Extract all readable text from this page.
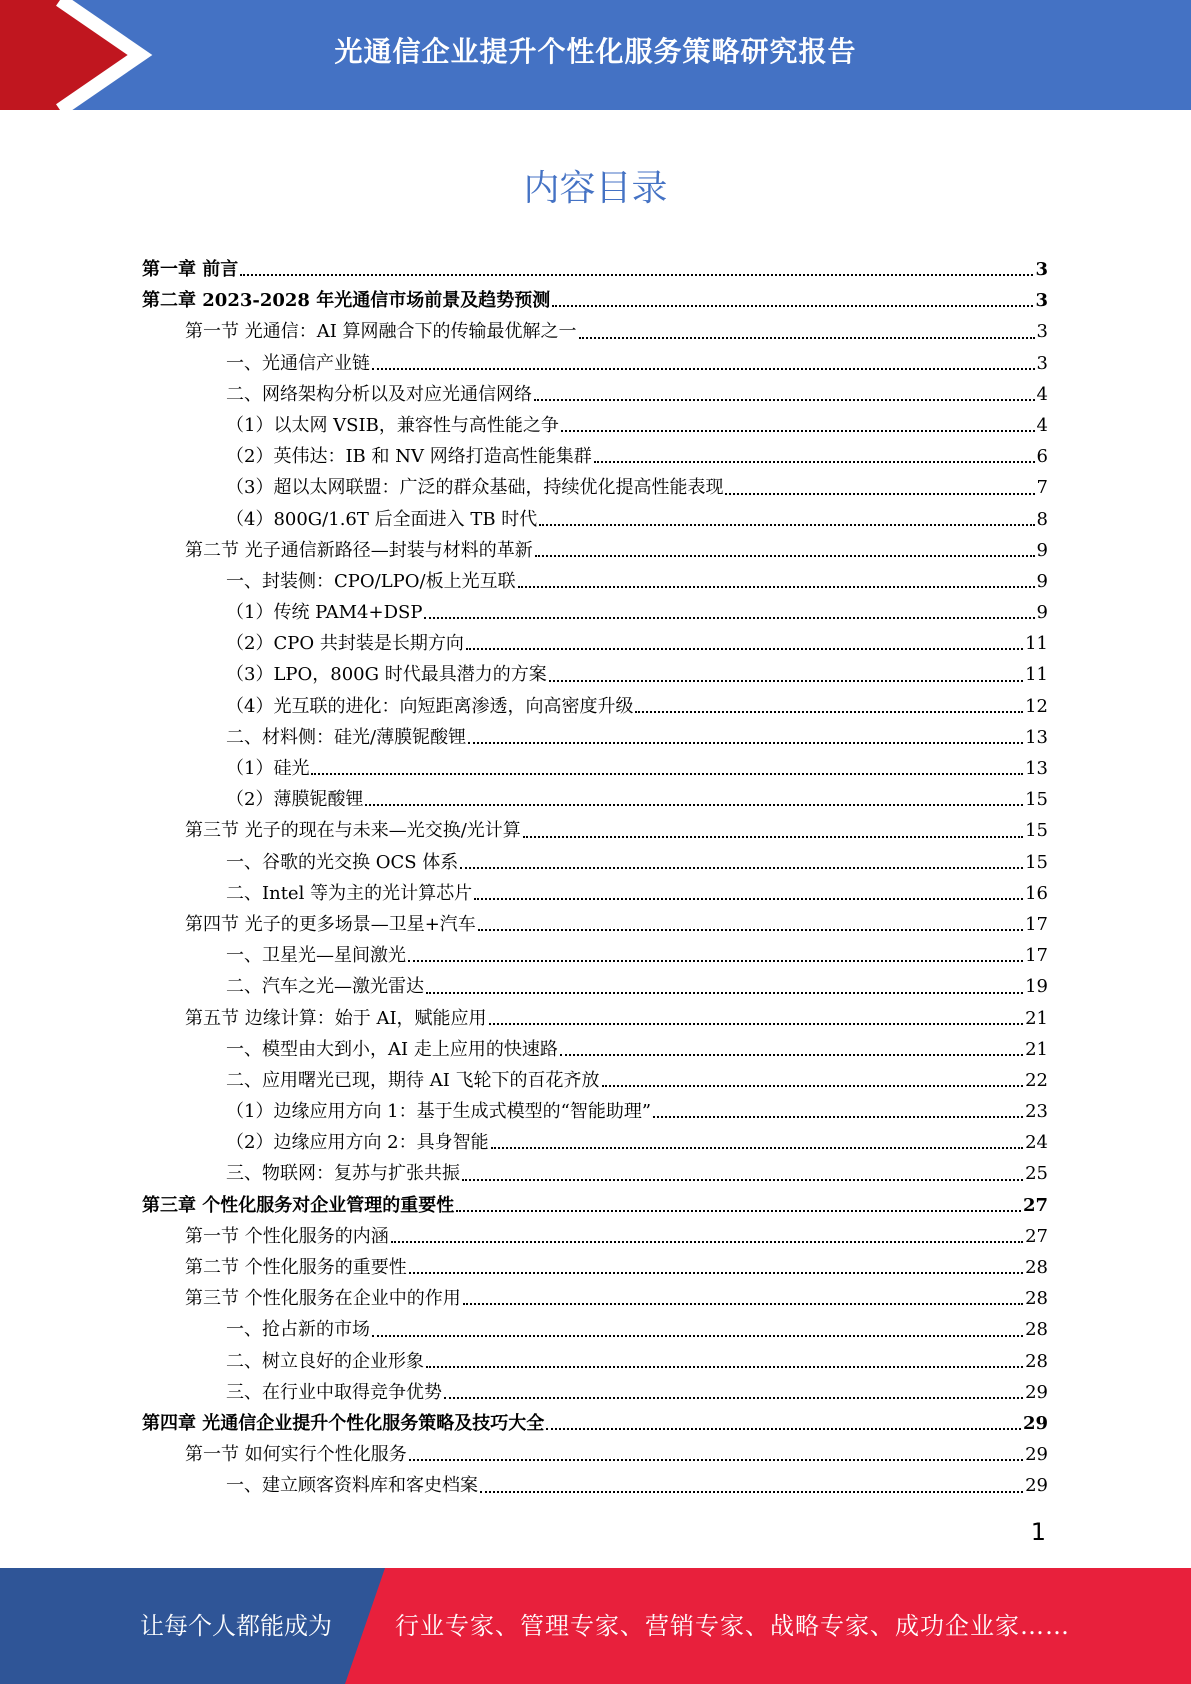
光通信企业提升个性化服务策略研究报告
内容目录
第一章 前言	3
第二章 2023-2028 年光通信市场前景及趋势预测	3
第一节 光通信：AI 算网融合下的传输最优解之一	3
一、光通信产业链	3
二、网络架构分析以及对应光通信网络	4
（1）以太网 VSIB，兼容性与高性能之争	4
（2）英伟达：IB 和 NV 网络打造高性能集群	6
（3）超以太网联盟：广泛的群众基础，持续优化提高性能表现	7
（4）800G/1.6T 后全面进入 TB 时代	8
第二节 光子通信新路径—封装与材料的革新	9
一、封装侧：CPO/LPO/板上光互联	9
（1）传统 PAM4+DSP	9
（2）CPO 共封装是长期方向	11
（3）LPO，800G 时代最具潜力的方案	11
（4）光互联的进化：向短距离渗透，向高密度升级	12
二、材料侧：硅光/薄膜铌酸锂	13
（1）硅光	13
（2）薄膜铌酸锂	15
第三节 光子的现在与未来—光交换/光计算	15
一、谷歌的光交换 OCS 体系	15
二、Intel 等为主的光计算芯片	16
第四节 光子的更多场景—卫星+汽车	17
一、卫星光—星间激光	17
二、汽车之光—激光雷达	19
第五节 边缘计算：始于 AI，赋能应用	21
一、模型由大到小，AI 走上应用的快速路	21
二、应用曙光已现，期待 AI 飞轮下的百花齐放	22
（1）边缘应用方向 1：基于生成式模型的“智能助理”	23
（2）边缘应用方向 2：具身智能	24
三、物联网：复苏与扩张共振	25
第三章 个性化服务对企业管理的重要性	27
第一节 个性化服务的内涵	27
第二节 个性化服务的重要性	28
第三节 个性化服务在企业中的作用	28
一、抢占新的市场	28
二、树立良好的企业形象	28
三、在行业中取得竞争优势	29
第四章 光通信企业提升个性化服务策略及技巧大全	29
第一节 如何实行个性化服务	29
一、建立顾客资料库和客史档案	29
1
让每个人都能成为	行业专家、管理专家、营销专家、战略专家、成功企业家……
